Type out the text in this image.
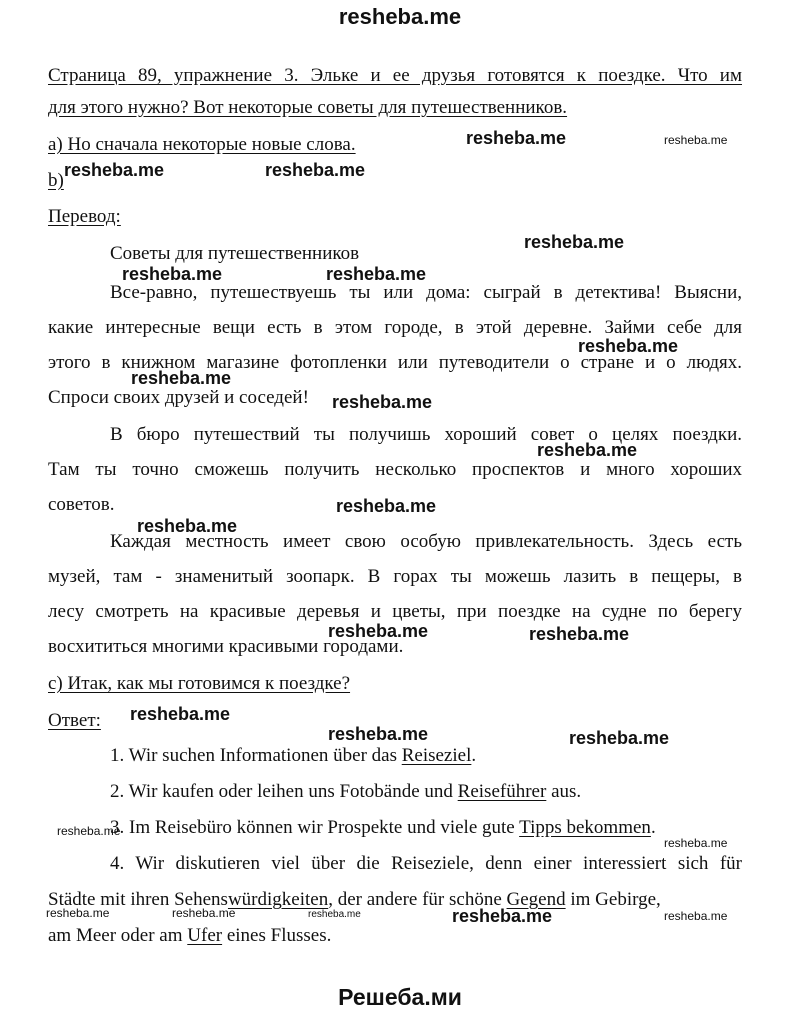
resheba.me
Страница 89, упражнение 3. Эльке и ее друзья готовятся к поездке. Что им
для этого нужно? Вот некоторые советы для путешественников.
а) Но сначала некоторые новые слова.
b)
Перевод:
Советы для путешественников
Все-равно, путешествуешь ты или дома: сыграй в детектива! Выясни,
какие интересные вещи есть в этом городе, в этой деревне. Займи себе для
этого в книжном магазине фотопленки или путеводители о стране и о людях.
Спроси своих друзей и соседей!
В бюро путешествий ты получишь хороший совет о целях поездки.
Там ты точно сможешь получить несколько проспектов и много хороших
советов.
Каждая местность имеет свою особую привлекательность. Здесь есть
музей, там - знаменитый зоопарк. В горах ты можешь лазить в пещеры, в
лесу смотреть на красивые деревья и цветы, при поездке на судне по берегу
восхититься многими красивыми городами.
с) Итак, как мы готовимся к поездке?
Ответ:
1. Wir suchen Informationen über das Reiseziel.
2. Wir kaufen oder leihen uns Fotobände und Reiseführer aus.
3. Im Reisebüro können wir Prospekte und viele gute Tipps bekommen.
4. Wir diskutieren viel über die Reiseziele, denn einer interessiert sich für
Städte mit ihren Sehenswürdigkeiten, der andere für schöne Gegend im Gebirge,
am Meer oder am Ufer eines Flusses.
resheba.me	resheba.me
resheba.me	resheba.me
resheba.me
resheba.me	resheba.me
resheba.me
resheba.me
resheba.me
resheba.me
resheba.me
resheba.me
resheba.me	resheba.me
resheba.me
resheba.me	resheba.me
resheba.me
resheba.me
resheba.me	resheba.me	resheba.me	resheba.me	resheba.me
Решеба.ми
